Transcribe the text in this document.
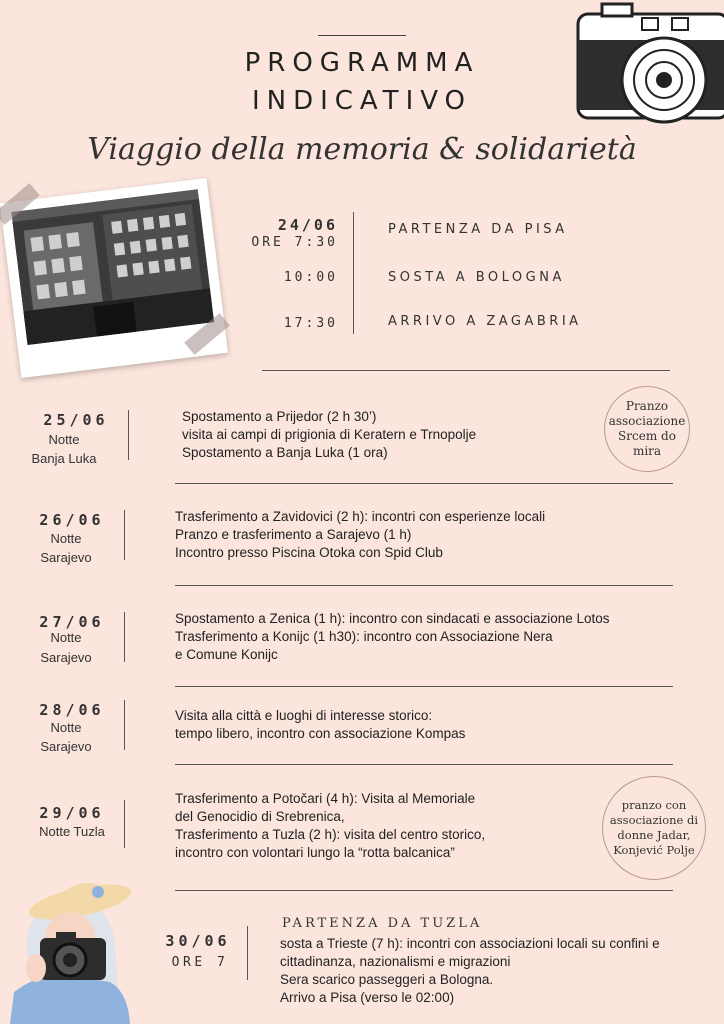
PROGRAMMA
INDICATIVO
Viaggio della memoria & solidarietà
24/06
ORE 7:30
10:00
17:30
PARTENZA DA PISA
SOSTA A BOLOGNA
ARRIVO A ZAGABRIA
25/06
Notte
Banja Luka
Spostamento a Prijedor (2 h 30’)
visita ai campi di prigionia di Keratern e Trnopolje
Spostamento a Banja Luka (1 ora)
Pranzo
associazione
Srcem do
mira
26/06
Notte
Sarajevo
Trasferimento a Zavidovici (2 h): incontri con esperienze locali
Pranzo e trasferimento a Sarajevo (1 h)
Incontro presso Piscina Otoka con Spid Club
27/06
Notte
Sarajevo
Spostamento a Zenica (1 h): incontro con sindacati e associazione Lotos
Trasferimento a Konijc (1 h30): incontro con Associazione Nera
e Comune Konijc
28/06
Notte
Sarajevo
Visita alla città e luoghi di interesse storico:
tempo libero, incontro con associazione Kompas
29/06
Notte Tuzla
Trasferimento a Potočari (4 h): Visita al Memoriale
del Genocidio di Srebrenica,
Trasferimento a Tuzla (2 h): visita del centro storico,
incontro con volontari lungo la “rotta balcanica”
pranzo con
associazione di
donne Jadar,
Konjević Polje
30/06
ORE 7
PARTENZA DA TUZLA
sosta a Trieste (7 h): incontri con associazioni locali su confini e
cittadinanza, nazionalismi e migrazioni
Sera scarico passeggeri a Bologna.
Arrivo a Pisa (verso le 02:00)
